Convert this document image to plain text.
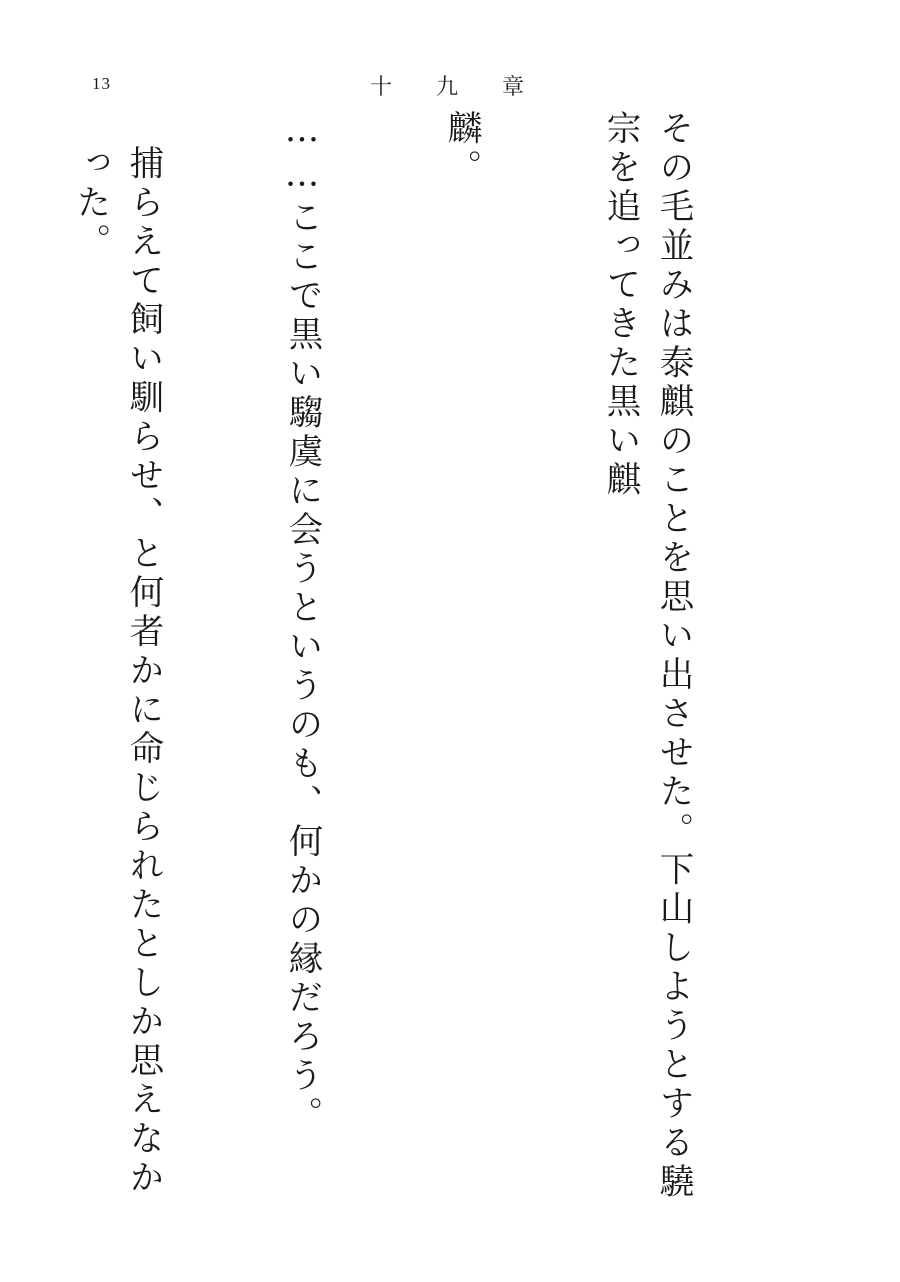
13	十九章

その毛並みは泰麒のことを思い出させた。下山しようとする驍宗を追ってきた黒い麒

麟。

……ここで黒い騶虞に会うというのも、何かの縁だろう。

捕らえて飼い馴らせ、と何者かに命じられたとしか思えなかった。
